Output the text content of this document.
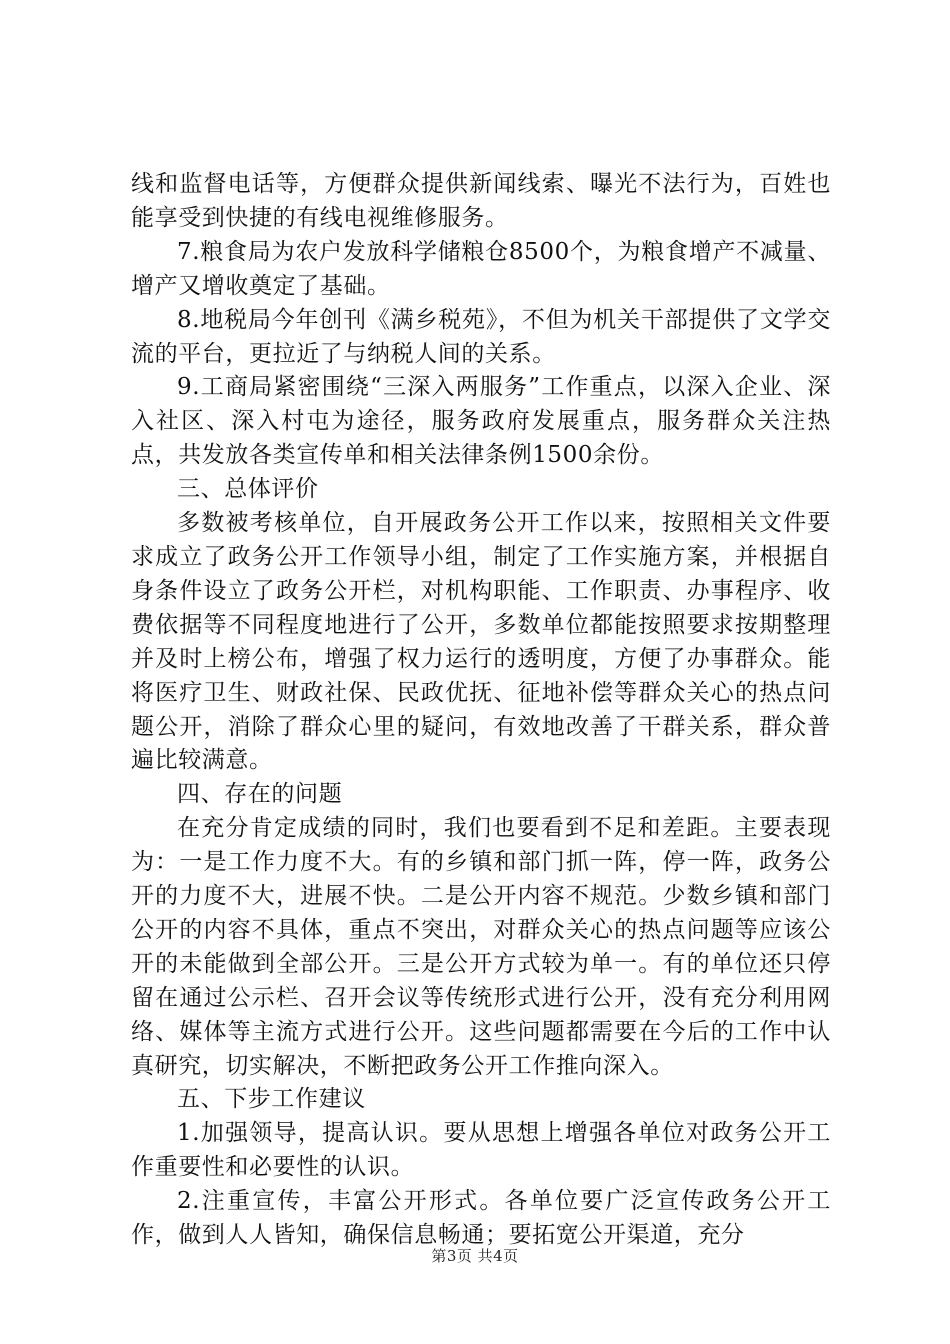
线和监督电话等，方便群众提供新闻线索、曝光不法行为，百姓也能享受到快捷的有线电视维修服务。

7.粮食局为农户发放科学储粮仓8500个，为粮食增产不减量、增产又增收奠定了基础。

8.地税局今年创刊《满乡税苑》，不但为机关干部提供了文学交流的平台，更拉近了与纳税人间的关系。

9.工商局紧密围绕“三深入两服务”工作重点，以深入企业、深入社区、深入村屯为途径，服务政府发展重点，服务群众关注热点，共发放各类宣传单和相关法律条例1500余份。

三、总体评价

多数被考核单位，自开展政务公开工作以来，按照相关文件要求成立了政务公开工作领导小组，制定了工作实施方案，并根据自身条件设立了政务公开栏，对机构职能、工作职责、办事程序、收费依据等不同程度地进行了公开，多数单位都能按照要求按期整理并及时上榜公布，增强了权力运行的透明度，方便了办事群众。能将医疗卫生、财政社保、民政优抚、征地补偿等群众关心的热点问题公开，消除了群众心里的疑问，有效地改善了干群关系，群众普遍比较满意。

四、存在的问题

在充分肯定成绩的同时，我们也要看到不足和差距。主要表现为：一是工作力度不大。有的乡镇和部门抓一阵，停一阵，政务公开的力度不大，进展不快。二是公开内容不规范。少数乡镇和部门公开的内容不具体，重点不突出，对群众关心的热点问题等应该公开的未能做到全部公开。三是公开方式较为单一。有的单位还只停留在通过公示栏、召开会议等传统形式进行公开，没有充分利用网络、媒体等主流方式进行公开。这些问题都需要在今后的工作中认真研究，切实解决，不断把政务公开工作推向深入。

五、下步工作建议

1.加强领导，提高认识。要从思想上增强各单位对政务公开工作重要性和必要性的认识。

2.注重宣传，丰富公开形式。各单位要广泛宣传政务公开工作，做到人人皆知，确保信息畅通；要拓宽公开渠道，充分

第3页 共4页
